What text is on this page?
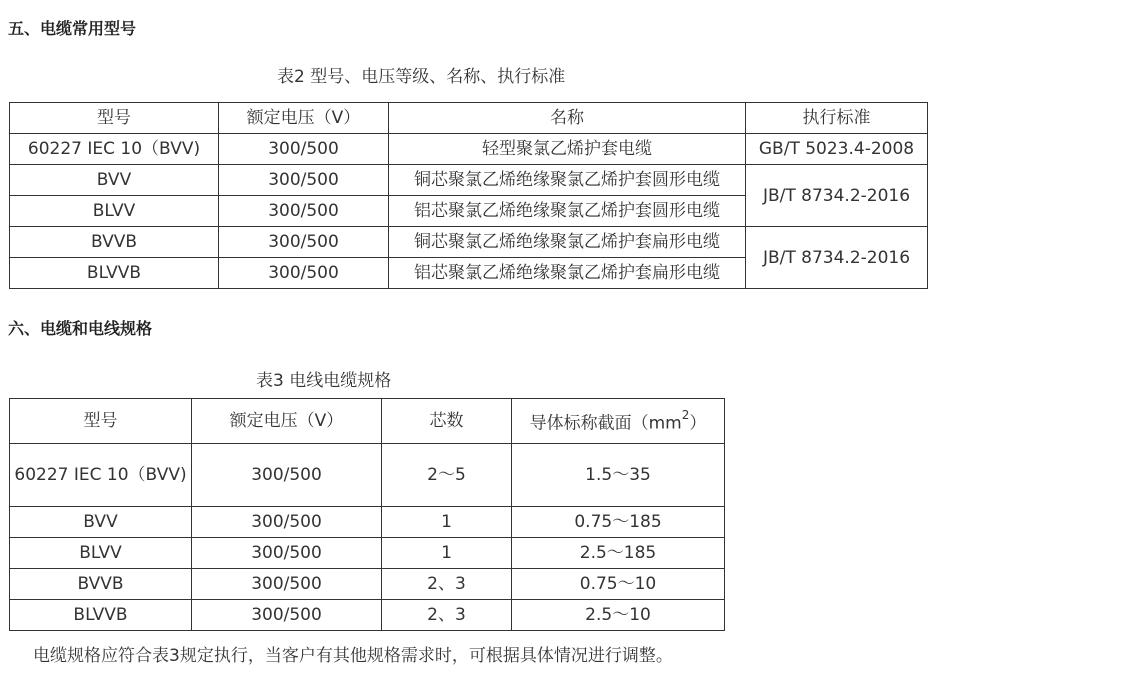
五、电缆常用型号

表2 型号、电压等级、名称、执行标准

型号	额定电压（V）	名称	执行标准
60227 IEC 10（BVV)	300/500	轻型聚氯乙烯护套电缆	GB/T 5023.4-2008
BVV	300/500	铜芯聚氯乙烯绝缘聚氯乙烯护套圆形电缆	JB/T 8734.2-2016
BLVV	300/500	铝芯聚氯乙烯绝缘聚氯乙烯护套圆形电缆	
BVVB	300/500	铜芯聚氯乙烯绝缘聚氯乙烯护套扁形电缆	JB/T 8734.2-2016
BLVVB	300/500	铝芯聚氯乙烯绝缘聚氯乙烯护套扁形电缆	
六、电缆和电线规格

表3 电线电缆规格

型号	额定电压（V）	芯数	导体标称截面$(mm^2)$
60227 IEC 10（BVV)	300/500	2～5	1.5～35
BVV	300/500	1	0.75～185
BLVV	300/500	1	2.5～185
BVVB	300/500	2、3	0.75～10
BLVVB	300/500	2、3	2.5～10

电缆规格应符合表3规定执行，当客户有其他规格需求时，可根据具体情况进行调整。
